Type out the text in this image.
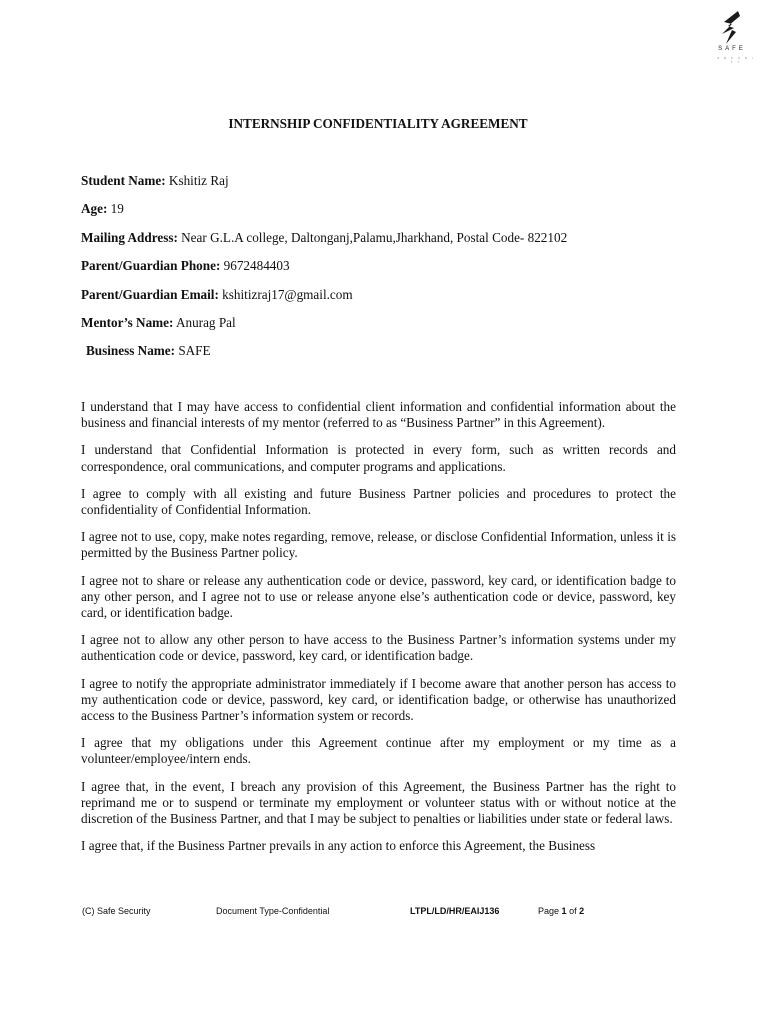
SAFE
S E C U R I T Y
INTERNSHIP CONFIDENTIALITY AGREEMENT
Student Name: Kshitiz Raj
Age: 19
Mailing Address: Near G.L.A college, Daltonganj,Palamu,Jharkhand, Postal Code- 822102
Parent/Guardian Phone: 9672484403
Parent/Guardian Email: kshitizraj17@gmail.com
Mentor’s Name: Anurag Pal
Business Name: SAFE

I understand that I may have access to confidential client information and confidential information about the business and financial interests of my mentor (referred to as “Business Partner” in this Agreement).

I understand that Confidential Information is protected in every form, such as written records and correspondence, oral communications, and computer programs and applications.

I agree to comply with all existing and future Business Partner policies and procedures to protect the confidentiality of Confidential Information.

I agree not to use, copy, make notes regarding, remove, release, or disclose Confidential Information, unless it is permitted by the Business Partner policy.

I agree not to share or release any authentication code or device, password, key card, or identification badge to any other person, and I agree not to use or release anyone else’s authentication code or device, password, key card, or identification badge.

I agree not to allow any other person to have access to the Business Partner’s information systems under my authentication code or device, password, key card, or identification badge.

I agree to notify the appropriate administrator immediately if I become aware that another person has access to my authentication code or device, password, key card, or identification badge, or otherwise has unauthorized access to the Business Partner’s information system or records.

I agree that my obligations under this Agreement continue after my employment or my time as a volunteer/employee/intern ends.

I agree that, in the event, I breach any provision of this Agreement, the Business Partner has the right to reprimand me or to suspend or terminate my employment or volunteer status with or without notice at the discretion of the Business Partner, and that I may be subject to penalties or liabilities under state or federal laws.

I agree that, if the Business Partner prevails in any action to enforce this Agreement, the Business

(C) Safe Security	Document Type-Confidential	LTPL/LD/HR/EAIJ136	Page 1 of 2
